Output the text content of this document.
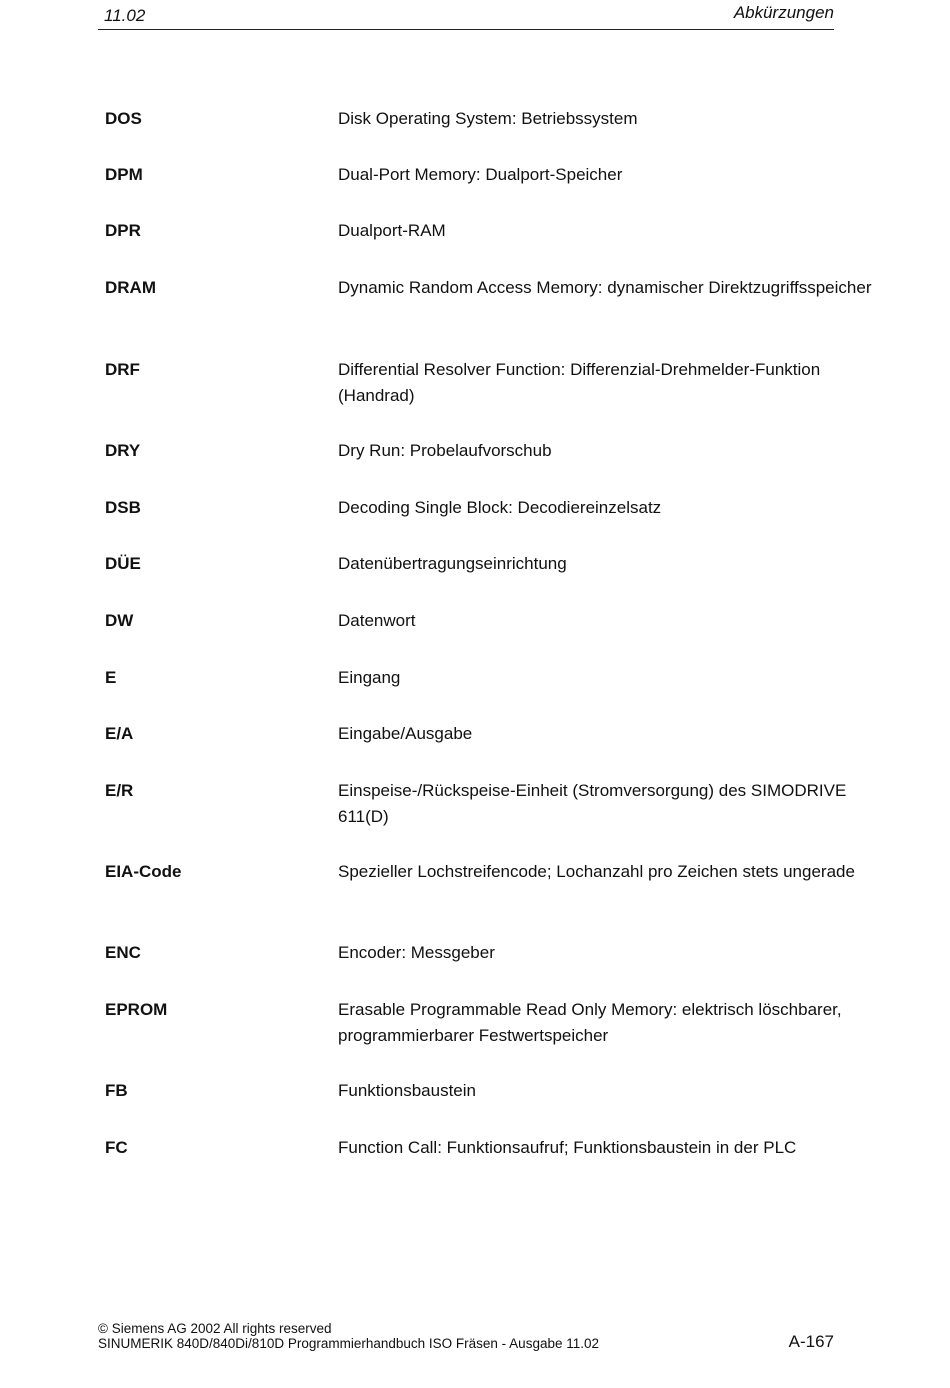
11.02	Abkürzungen
DOS	Disk Operating System: Betriebssystem
DPM	Dual-Port Memory: Dualport-Speicher
DPR	Dualport-RAM
DRAM	Dynamic Random Access Memory: dynamischer Direktzugriffsspeicher
DRF	Differential Resolver Function: Differenzial-Drehmelder-Funktion (Handrad)
DRY	Dry Run: Probelaufvorschub
DSB	Decoding Single Block: Decodiereinzelsatz
DÜE	Datenübertragungseinrichtung
DW	Datenwort
E	Eingang
E/A	Eingabe/Ausgabe
E/R	Einspeise-/Rückspeise-Einheit (Stromversorgung) des SIMODRIVE 611(D)
EIA-Code	Spezieller Lochstreifencode; Lochanzahl pro Zeichen stets ungerade
ENC	Encoder: Messgeber
EPROM	Erasable Programmable Read Only Memory: elektrisch löschbarer, programmierbarer Festwertspeicher
FB	Funktionsbaustein
FC	Function Call: Funktionsaufruf; Funktionsbaustein in der PLC
© Siemens AG 2002 All rights reserved
SINUMERIK 840D/840Di/810D Programmierhandbuch ISO Fräsen - Ausgabe 11.02	A-167
